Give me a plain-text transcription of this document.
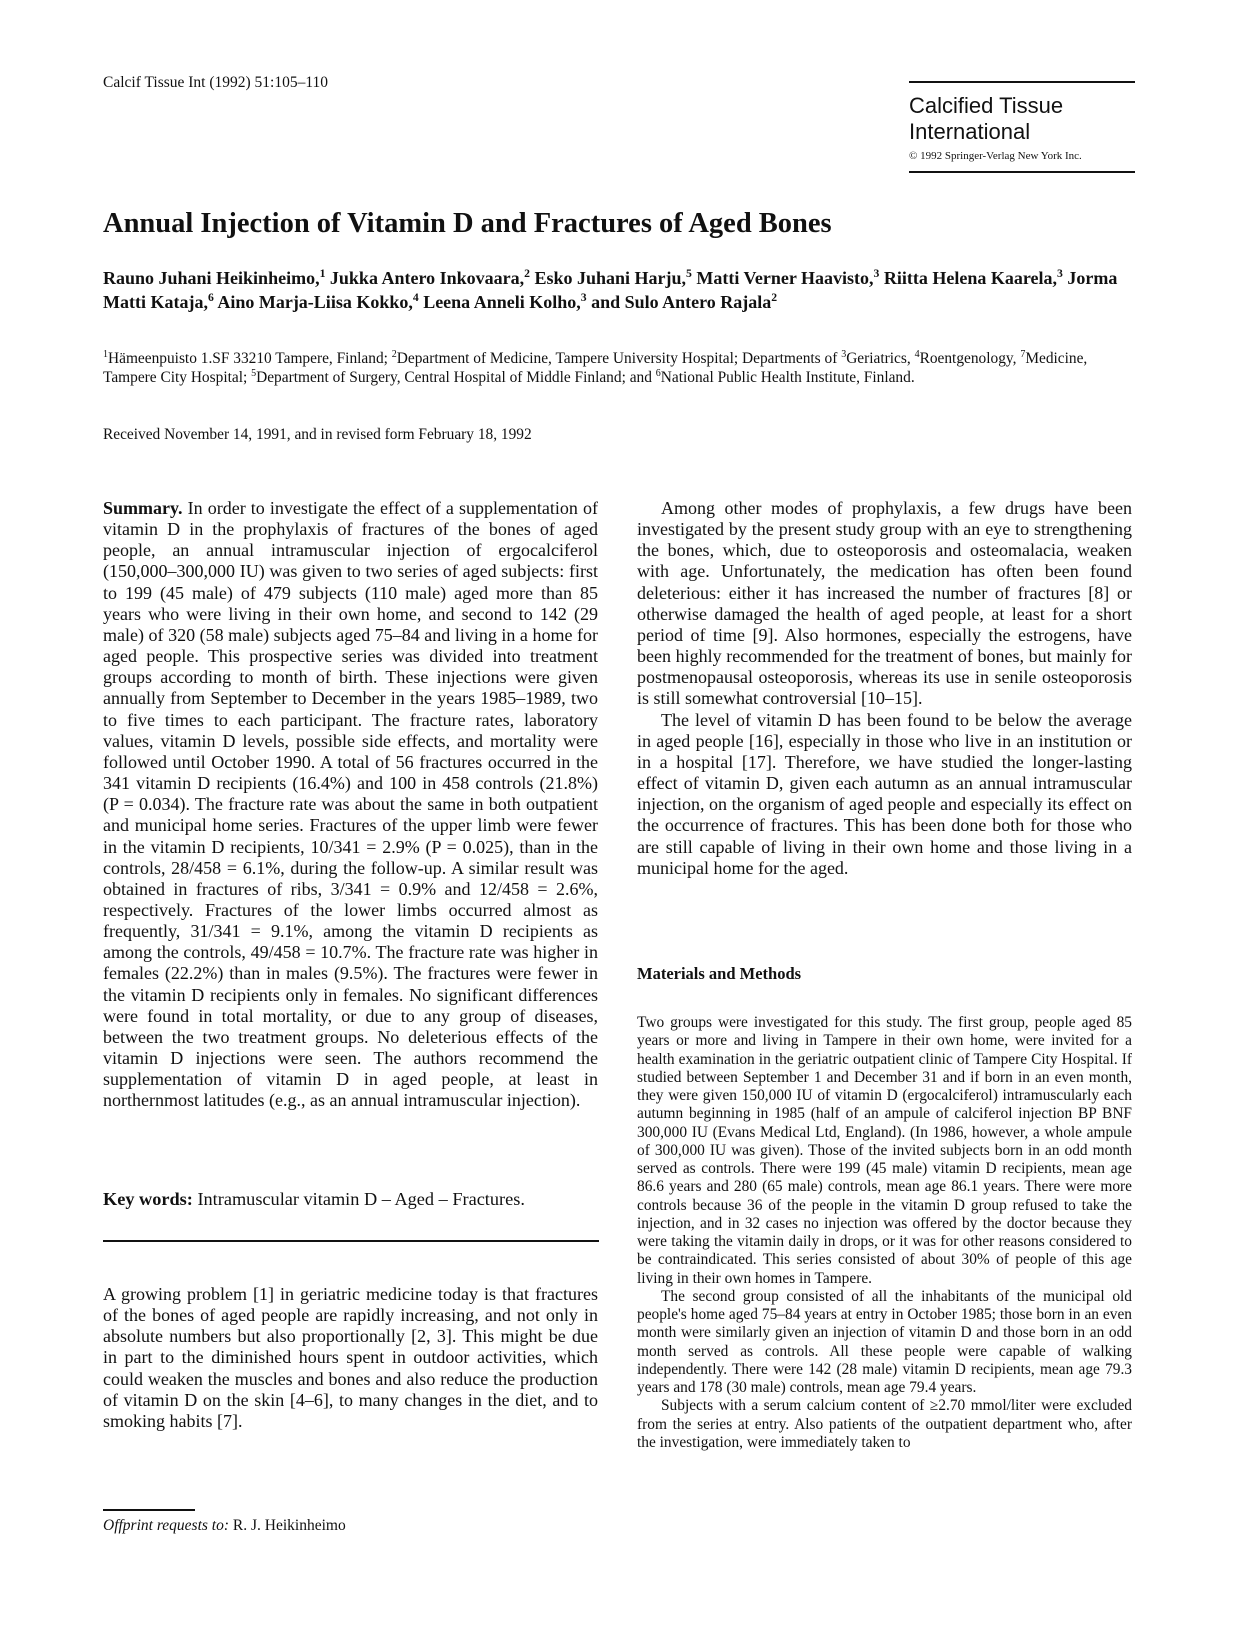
Calcif Tissue Int (1992) 51:105–110
Calcified Tissue International
© 1992 Springer-Verlag New York Inc.
Annual Injection of Vitamin D and Fractures of Aged Bones
Rauno Juhani Heikinheimo,$^1$ Jukka Antero Inkovaara,$^2$ Esko Juhani Harju,$^5$ Matti Verner Haavisto,$^3$ Riitta Helena Kaarela,$^3$ Jorma Matti Kataja,$^6$ Aino Marja-Liisa Kokko,$^4$ Leena Anneli Kolho,$^3$ and Sulo Antero Rajala$^2$
$^1$Hämeenpuisto 1.SF 33210 Tampere, Finland; $^2$Department of Medicine, Tampere University Hospital; Departments of $^3$Geriatrics, $^4$Roentgenology, $^7$Medicine, Tampere City Hospital; $^5$Department of Surgery, Central Hospital of Middle Finland; and $^6$National Public Health Institute, Finland.
Received November 14, 1991, and in revised form February 18, 1992
Summary. In order to investigate the effect of a supplementation of vitamin D in the prophylaxis of fractures of the bones of aged people, an annual intramuscular injection of ergocalciferol (150,000–300,000 IU) was given to two series of aged subjects: first to 199 (45 male) of 479 subjects (110 male) aged more than 85 years who were living in their own home, and second to 142 (29 male) of 320 (58 male) subjects aged 75–84 and living in a home for aged people. This prospective series was divided into treatment groups according to month of birth. These injections were given annually from September to December in the years 1985–1989, two to five times to each participant. The fracture rates, laboratory values, vitamin D levels, possible side effects, and mortality were followed until October 1990. A total of 56 fractures occurred in the 341 vitamin D recipients (16.4%) and 100 in 458 controls (21.8%) (P = 0.034). The fracture rate was about the same in both outpatient and municipal home series. Fractures of the upper limb were fewer in the vitamin D recipients, 10/341 = 2.9% (P = 0.025), than in the controls, 28/458 = 6.1%, during the follow-up. A similar result was obtained in fractures of ribs, 3/341 = 0.9% and 12/458 = 2.6%, respectively. Fractures of the lower limbs occurred almost as frequently, 31/341 = 9.1%, among the vitamin D recipients as among the controls, 49/458 = 10.7%. The fracture rate was higher in females (22.2%) than in males (9.5%). The fractures were fewer in the vitamin D recipients only in females. No significant differences were found in total mortality, or due to any group of diseases, between the two treatment groups. No deleterious effects of the vitamin D injections were seen. The authors recommend the supplementation of vitamin D in aged people, at least in northernmost latitudes (e.g., as an annual intramuscular injection).
Key words: Intramuscular vitamin D – Aged – Fractures.
A growing problem [1] in geriatric medicine today is that fractures of the bones of aged people are rapidly increasing, and not only in absolute numbers but also proportionally [2, 3]. This might be due in part to the diminished hours spent in outdoor activities, which could weaken the muscles and bones and also reduce the production of vitamin D on the skin [4–6], to many changes in the diet, and to smoking habits [7].
Offprint requests to: R. J. Heikinheimo

Among other modes of prophylaxis, a few drugs have been investigated by the present study group with an eye to strengthening the bones, which, due to osteoporosis and osteomalacia, weaken with age. Unfortunately, the medication has often been found deleterious: either it has increased the number of fractures [8] or otherwise damaged the health of aged people, at least for a short period of time [9]. Also hormones, especially the estrogens, have been highly recommended for the treatment of bones, but mainly for postmenopausal osteoporosis, whereas its use in senile osteoporosis is still somewhat controversial [10–15].

The level of vitamin D has been found to be below the average in aged people [16], especially in those who live in an institution or in a hospital [17]. Therefore, we have studied the longer-lasting effect of vitamin D, given each autumn as an annual intramuscular injection, on the organism of aged people and especially its effect on the occurrence of fractures. This has been done both for those who are still capable of living in their own home and those living in a municipal home for the aged.

Materials and Methods

Two groups were investigated for this study. The first group, people aged 85 years or more and living in Tampere in their own home, were invited for a health examination in the geriatric outpatient clinic of Tampere City Hospital. If studied between September 1 and December 31 and if born in an even month, they were given 150,000 IU of vitamin D (ergocalciferol) intramuscularly each autumn beginning in 1985 (half of an ampule of calciferol injection BP BNF 300,000 IU (Evans Medical Ltd, England). (In 1986, however, a whole ampule of 300,000 IU was given). Those of the invited subjects born in an odd month served as controls. There were 199 (45 male) vitamin D recipients, mean age 86.6 years and 280 (65 male) controls, mean age 86.1 years. There were more controls because 36 of the people in the vitamin D group refused to take the injection, and in 32 cases no injection was offered by the doctor because they were taking the vitamin daily in drops, or it was for other reasons considered to be contraindicated. This series consisted of about 30% of people of this age living in their own homes in Tampere.

The second group consisted of all the inhabitants of the municipal old people's home aged 75–84 years at entry in October 1985; those born in an even month were similarly given an injection of vitamin D and those born in an odd month served as controls. All these people were capable of walking independently. There were 142 (28 male) vitamin D recipients, mean age 79.3 years and 178 (30 male) controls, mean age 79.4 years.

Subjects with a serum calcium content of ≥2.70 mmol/liter were excluded from the series at entry. Also patients of the outpatient department who, after the investigation, were immediately taken to
